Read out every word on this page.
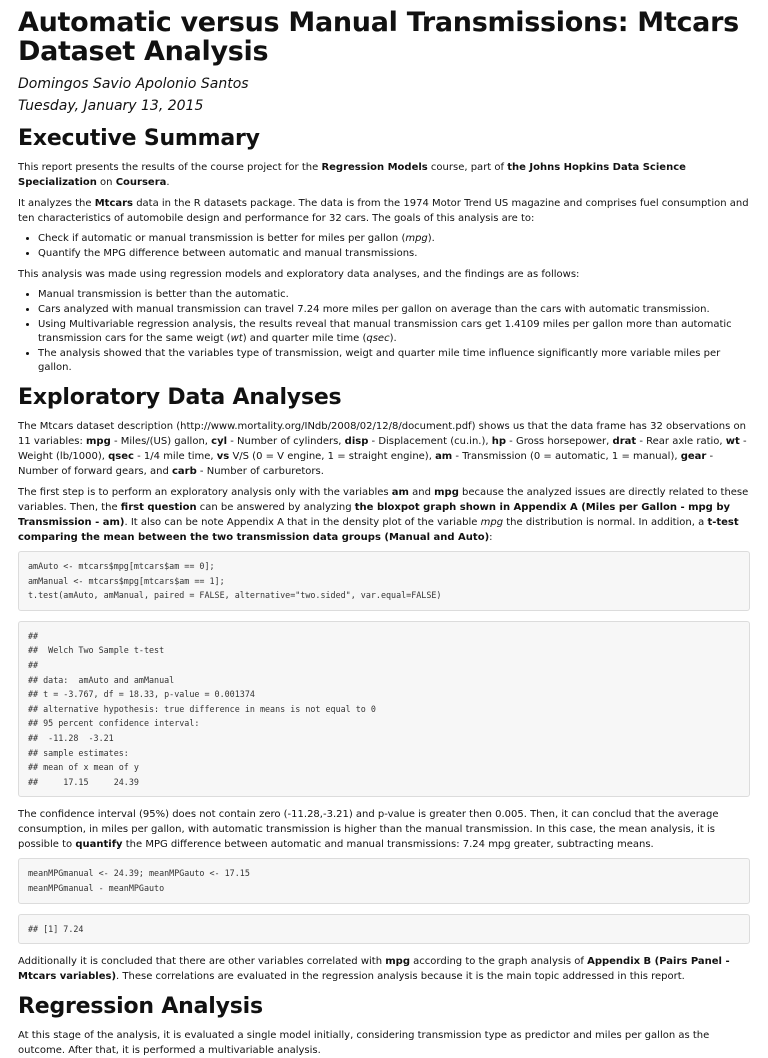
Automatic versus Manual Transmissions: Mtcars Dataset Analysis
Domingos Savio Apolonio Santos
Tuesday, January 13, 2015
Executive Summary

This report presents the results of the course project for the Regression Models course, part of the Johns Hopkins Data Science Specialization on Coursera.

It analyzes the Mtcars data in the R datasets package. The data is from the 1974 Motor Trend US magazine and comprises fuel consumption and ten characteristics of automobile design and performance for 32 cars. The goals of this analysis are to:

• Check if automatic or manual transmission is better for miles per gallon (mpg).
• Quantify the MPG difference between automatic and manual transmissions.

This analysis was made using regression models and exploratory data analyses, and the findings are as follows:

• Manual transmission is better than the automatic.
• Cars analyzed with manual transmission can travel 7.24 more miles per gallon on average than the cars with automatic transmission.
• Using Multivariable regression analysis, the results reveal that manual transmission cars get 1.4109 miles per gallon more than automatic transmission cars for the same weigt (wt) and quarter mile time (qsec).
• The analysis showed that the variables type of transmission, weigt and quarter mile time influence significantly more variable miles per gallon.
Exploratory Data Analyses

The Mtcars dataset description (http://www.mortality.org/INdb/2008/02/12/8/document.pdf) shows us that the data frame has 32 observations on 11 variables: mpg - Miles/(US) gallon, cyl - Number of cylinders, disp - Displacement (cu.in.), hp - Gross horsepower, drat - Rear axle ratio, wt - Weight (lb/1000), qsec - 1/4 mile time, vs V/S (0 = V engine, 1 = straight engine), am - Transmission (0 = automatic, 1 = manual), gear - Number of forward gears, and carb - Number of carburetors.

The first step is to perform an exploratory analysis only with the variables am and mpg because the analyzed issues are directly related to these variables. Then, the first question can be answered by analyzing the bloxpot graph shown in Appendix A (Miles per Gallon - mpg by Transmission - am). It also can be note Appendix A that in the density plot of the variable mpg the distribution is normal. In addition, a t-test comparing the mean between the two transmission data groups (Manual and Auto):

amAuto <- mtcars$mpg[mtcars$am == 0];
amManual <- mtcars$mpg[mtcars$am == 1];
t.test(amAuto, amManual, paired = FALSE, alternative="two.sided", var.equal=FALSE)
##
##  Welch Two Sample t-test
##
## data:  amAuto and amManual
## t = -3.767, df = 18.33, p-value = 0.001374
## alternative hypothesis: true difference in means is not equal to 0
## 95 percent confidence interval:
##  -11.28  -3.21
## sample estimates:
## mean of x mean of y
##     17.15     24.39

The confidence interval (95%) does not contain zero (-11.28,-3.21) and p-value is greater then 0.005. Then, it can conclud that the average consumption, in miles per gallon, with automatic transmission is higher than the manual transmission. In this case, the mean analysis, it is possible to quantify the MPG difference between automatic and manual transmissions: 7.24 mpg greater, subtracting means.

meanMPGmanual <- 24.39; meanMPGauto <- 17.15
meanMPGmanual - meanMPGauto
## [1] 7.24

Additionally it is concluded that there are other variables correlated with mpg according to the graph analysis of Appendix B (Pairs Panel - Mtcars variables). These correlations are evaluated in the regression analysis because it is the main topic addressed in this report.

Regression Analysis

At this stage of the analysis, it is evaluated a single model initially, considering transmission type as predictor and miles per gallon as the outcome. After that, it is performed a multivariable analysis.
